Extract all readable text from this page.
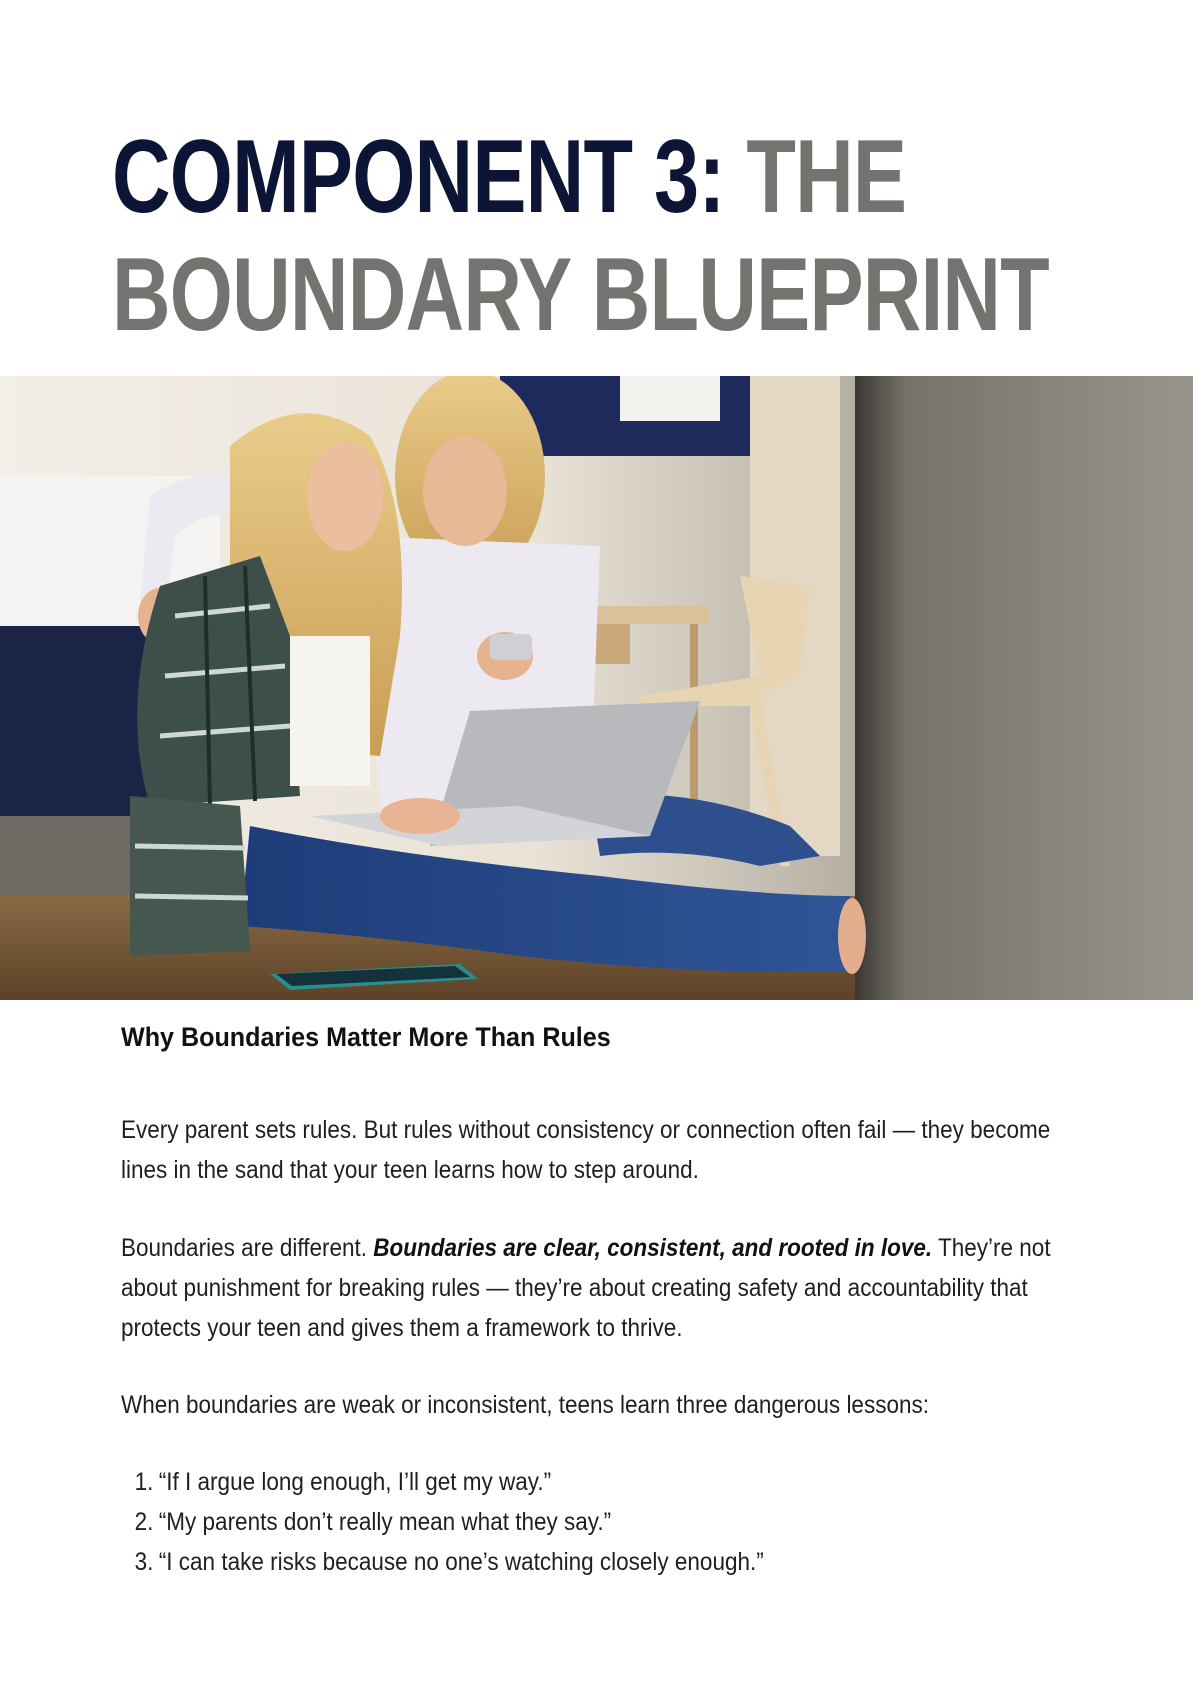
COMPONENT 3: THE
BOUNDARY BLUEPRINT
Why Boundaries Matter More Than Rules

Every parent sets rules. But rules without consistency or connection often fail — they become lines in the sand that your teen learns how to step around.

Boundaries are different. Boundaries are clear, consistent, and rooted in love. They’re not about punishment for breaking rules — they’re about creating safety and accountability that protects your teen and gives them a framework to thrive.

When boundaries are weak or inconsistent, teens learn three dangerous lessons:

1. “If I argue long enough, I’ll get my way.”
2. “My parents don’t really mean what they say.”
3. “I can take risks because no one’s watching closely enough.”
